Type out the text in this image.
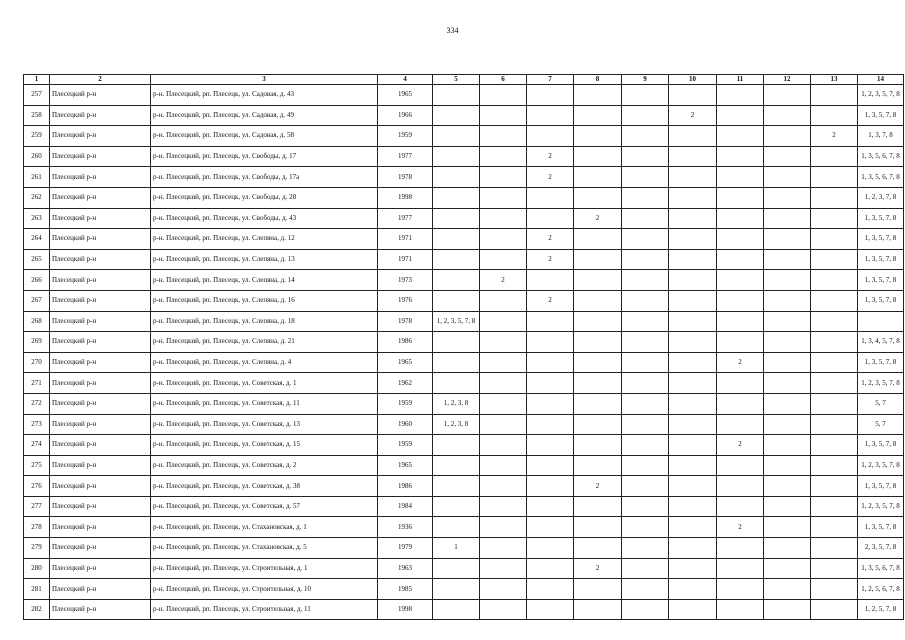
334
1	2	3	4	5	6	7	8	9	10	11	12	13	14
257	Плесецкий р-н	р-н. Плесецкий, рп. Плесецк, ул. Садовая, д. 43	1965										1, 2, 3, 5, 7, 8
258	Плесецкий р-н	р-н. Плесецкий, рп. Плесецк, ул. Садовая, д. 49	1966						2				1, 3, 5, 7, 8
259	Плесецкий р-н	р-н. Плесецкий, рп. Плесецк, ул. Садовая, д. 58	1959									2	1, 3, 7, 8
260	Плесецкий р-н	р-н. Плесецкий, рп. Плесецк, ул. Свободы, д. 17	1977			2							1, 3, 5, 6, 7, 8
261	Плесецкий р-н	р-н. Плесецкий, рп. Плесецк, ул. Свободы, д. 17а	1978			2							1, 3, 5, 6, 7, 8
262	Плесецкий р-н	р-н. Плесецкий, рп. Плесецк, ул. Свободы, д. 28	1998										1, 2, 3, 7, 8
263	Плесецкий р-н	р-н. Плесецкий, рп. Плесецк, ул. Свободы, д. 43	1977				2						1, 3, 5, 7, 8
264	Плесецкий р-н	р-н. Плесецкий, рп. Плесецк, ул. Слепяна, д. 12	1971			2							1, 3, 5, 7, 8
265	Плесецкий р-н	р-н. Плесецкий, рп. Плесецк, ул. Слепяна, д. 13	1971			2							1, 3, 5, 7, 8
266	Плесецкий р-н	р-н. Плесецкий, рп. Плесецк, ул. Слепяна, д. 14	1973		2								1, 3, 5, 7, 8
267	Плесецкий р-н	р-н. Плесецкий, рп. Плесецк, ул. Слепяна, д. 16	1976			2							1, 3, 5, 7, 8
268	Плесецкий р-н	р-н. Плесецкий, рп. Плесецк, ул. Слепяна, д. 18	1978	1, 2, 3, 5, 7, 8									
269	Плесецкий р-н	р-н. Плесецкий, рп. Плесецк, ул. Слепяна, д. 21	1986										1, 3, 4, 5, 7, 8
270	Плесецкий р-н	р-н. Плесецкий, рп. Плесецк, ул. Слепяна, д. 4	1965							2			1, 3, 5, 7, 8
271	Плесецкий р-н	р-н. Плесецкий, рп. Плесецк, ул. Советская, д. 1	1962										1, 2, 3, 5, 7, 8
272	Плесецкий р-н	р-н. Плесецкий, рп. Плесецк, ул. Советская, д. 11	1959	1, 2, 3, 8									5, 7
273	Плесецкий р-н	р-н. Плесецкий, рп. Плесецк, ул. Советская, д. 13	1960	1, 2, 3, 8									5, 7
274	Плесецкий р-н	р-н. Плесецкий, рп. Плесецк, ул. Советская, д. 15	1959							2			1, 3, 5, 7, 8
275	Плесецкий р-н	р-н. Плесецкий, рп. Плесецк, ул. Советская, д. 2	1965										1, 2, 3, 5, 7, 8
276	Плесецкий р-н	р-н. Плесецкий, рп. Плесецк, ул. Советская, д. 38	1986				2						1, 3, 5, 7, 8
277	Плесецкий р-н	р-н. Плесецкий, рп. Плесецк, ул. Советская, д. 57	1984										1, 2, 3, 5, 7, 8
278	Плесецкий р-н	р-н. Плесецкий, рп. Плесецк, ул. Стахановская, д. 1	1936							2			1, 3, 5, 7, 8
279	Плесецкий р-н	р-н. Плесецкий, рп. Плесецк, ул. Стахановская, д. 5	1979	1									2, 3, 5, 7, 8
280	Плесецкий р-н	р-н. Плесецкий, рп. Плесецк, ул. Строительная, д. 1	1963				2						1, 3, 5, 6, 7, 8
281	Плесецкий р-н	р-н. Плесецкий, рп. Плесецк, ул. Строительная, д. 10	1985										1, 2, 5, 6, 7, 8
282	Плесецкий р-н	р-н. Плесецкий, рп. Плесецк, ул. Строительная, д. 11	1998										1, 2, 5, 7, 8
